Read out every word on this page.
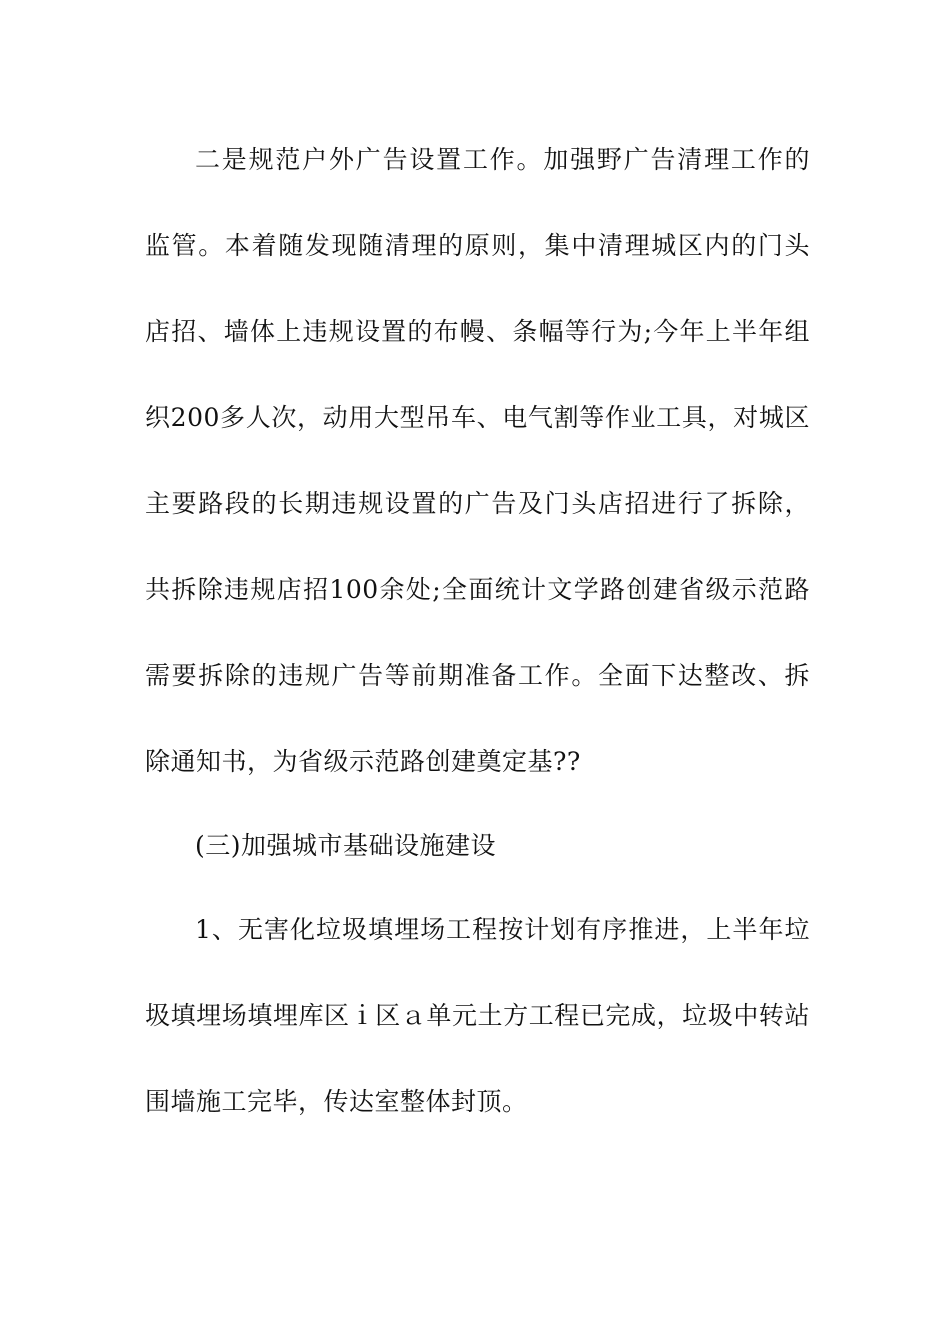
二是规范户外广告设置工作。加强野广告清理工作的
监管。本着随发现随清理的原则，集中清理城区内的门头
店招、墙体上违规设置的布幔、条幅等行为;今年上半年组
织200多人次，动用大型吊车、电气割等作业工具，对城区
主要路段的长期违规设置的广告及门头店招进行了拆除，
共拆除违规店招100余处;全面统计文学路创建省级示范路
需要拆除的违规广告等前期准备工作。全面下达整改、拆
除通知书，为省级示范路创建奠定基??
(三)加强城市基础设施建设
1、无害化垃圾填埋场工程按计划有序推进，上半年垃
圾填埋场填埋库区ｉ区ａ单元土方工程已完成，垃圾中转站
围墙施工完毕，传达室整体封顶。
